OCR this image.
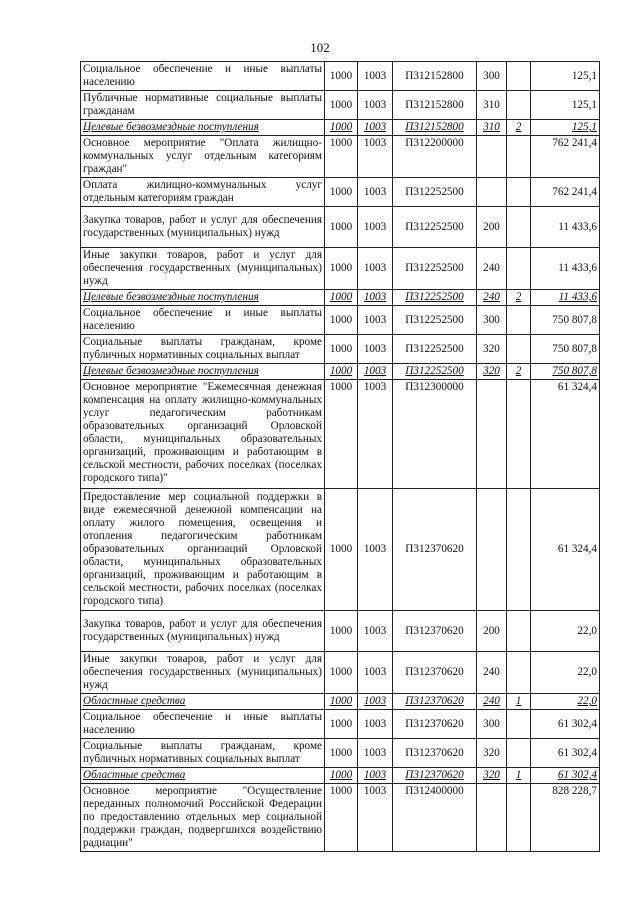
102
Социальное обеспечение и иные выплаты населению	1000	1003	П312152800	300		125,1
Публичные нормативные социальные выплаты гражданам	1000	1003	П312152800	310		125,1
Целевые безвозмездные поступления	1000	1003	П312152800	310	2	125,1
Основное мероприятие "Оплата жилищно-коммунальных услуг отдельным категориям граждан"	1000	1003	П312200000			762 241,4
Оплата жилищно-коммунальных услуг отдельным категориям граждан	1000	1003	П312252500			762 241,4
Закупка товаров, работ и услуг для обеспечения государственных (муниципальных) нужд	1000	1003	П312252500	200		11 433,6
Иные закупки товаров, работ и услуг для обеспечения государственных (муниципальных) нужд	1000	1003	П312252500	240		11 433,6
Целевые безвозмездные поступления	1000	1003	П312252500	240	2	11 433,6
Социальное обеспечение и иные выплаты населению	1000	1003	П312252500	300		750 807,8
Социальные выплаты гражданам, кроме публичных нормативных социальных выплат	1000	1003	П312252500	320		750 807,8
Целевые безвозмездные поступления	1000	1003	П312252500	320	2	750 807,8
Основное мероприятие "Ежемесячная денежная компенсация на оплату жилищно-коммунальных услуг педагогическим работникам образовательных организаций Орловской области, муниципальных образовательных организаций, проживающим и работающим в сельской местности, рабочих поселках (поселках городского типа)"	1000	1003	П312300000			61 324,4
Предоставление мер социальной поддержки в виде ежемесячной денежной компенсации на оплату жилого помещения, освещения и отопления педагогическим работникам образовательных организаций Орловской области, муниципальных образовательных организаций, проживающим и работающим в сельской местности, рабочих поселках (поселках городского типа)	1000	1003	П312370620			61 324,4
Закупка товаров, работ и услуг для обеспечения государственных (муниципальных) нужд	1000	1003	П312370620	200		22,0
Иные закупки товаров, работ и услуг для обеспечения государственных (муниципальных) нужд	1000	1003	П312370620	240		22,0
Областные средства	1000	1003	П312370620	240	1	22,0
Социальное обеспечение и иные выплаты населению	1000	1003	П312370620	300		61 302,4
Социальные выплаты гражданам, кроме публичных нормативных социальных выплат	1000	1003	П312370620	320		61 302,4
Областные средства	1000	1003	П312370620	320	1	61 302,4
Основное мероприятие "Осуществление переданных полномочий Российской Федерации по предоставлению отдельных мер социальной поддержки граждан, подвергшихся воздействию радиации"	1000	1003	П312400000			828 228,7
